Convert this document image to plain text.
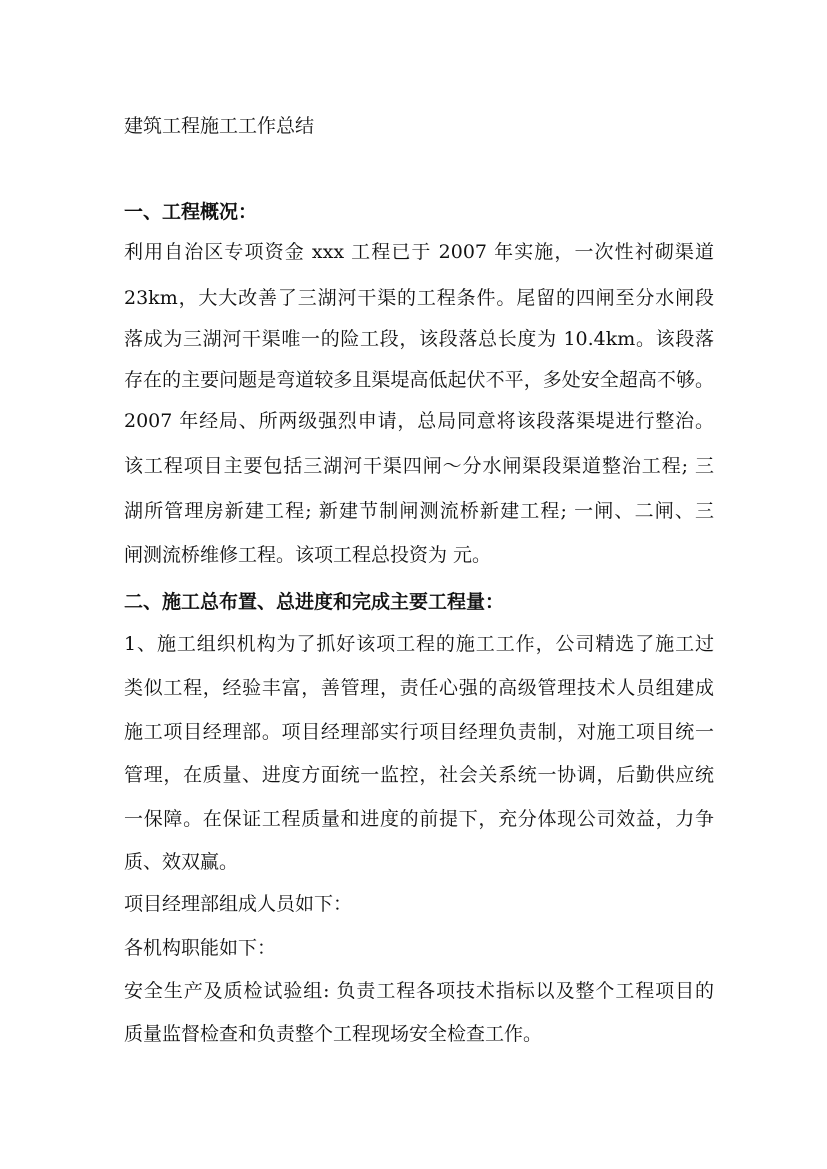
建筑工程施工工作总结
一、工程概况：
利用自治区专项资金 xxx 工程已于 2007 年实施，一次性衬砌渠道
23km，大大改善了三湖河干渠的工程条件。尾留的四闸至分水闸段
落成为三湖河干渠唯一的险工段，该段落总长度为 10.4km。该段落
存在的主要问题是弯道较多且渠堤高低起伏不平，多处安全超高不够。
2007 年经局、所两级强烈申请，总局同意将该段落渠堤进行整治。
该工程项目主要包括三湖河干渠四闸～分水闸渠段渠道整治工程; 三
湖所管理房新建工程; 新建节制闸测流桥新建工程; 一闸、二闸、三
闸测流桥维修工程。该项工程总投资为 元。
二、施工总布置、总进度和完成主要工程量：
1、施工组织机构为了抓好该项工程的施工工作，公司精选了施工过
类似工程，经验丰富，善管理，责任心强的高级管理技术人员组建成
施工项目经理部。项目经理部实行项目经理负责制，对施工项目统一
管理，在质量、进度方面统一监控，社会关系统一协调，后勤供应统
一保障。在保证工程质量和进度的前提下，充分体现公司效益，力争
质、效双赢。
项目经理部组成人员如下：
各机构职能如下：
安全生产及质检试验组: 负责工程各项技术指标以及整个工程项目的
质量监督检查和负责整个工程现场安全检查工作。
